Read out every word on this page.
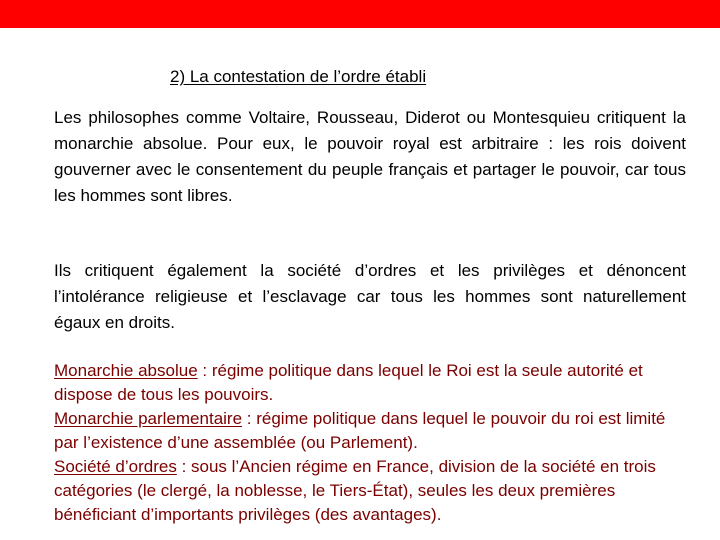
2) La contestation de l’ordre établi

Les philosophes comme Voltaire, Rousseau, Diderot ou Montesquieu critiquent la monarchie absolue. Pour eux, le pouvoir royal est arbitraire : les rois doivent gouverner avec le consentement du peuple français et partager le pouvoir, car tous les hommes sont libres.

Ils critiquent également la société d’ordres et les privilèges et dénoncent l’intolérance religieuse et l’esclavage car tous les hommes sont naturellement égaux en droits.

Monarchie absolue : régime politique dans lequel le Roi est la seule autorité et dispose de tous les pouvoirs.

Monarchie parlementaire : régime politique dans lequel le pouvoir du roi est limité par l’existence d’une assemblée (ou Parlement).

Société d’ordres : sous l’Ancien régime en France, division de la société en trois catégories (le clergé, la noblesse, le Tiers-État), seules les deux premières bénéficiant d’importants privilèges (des avantages).
